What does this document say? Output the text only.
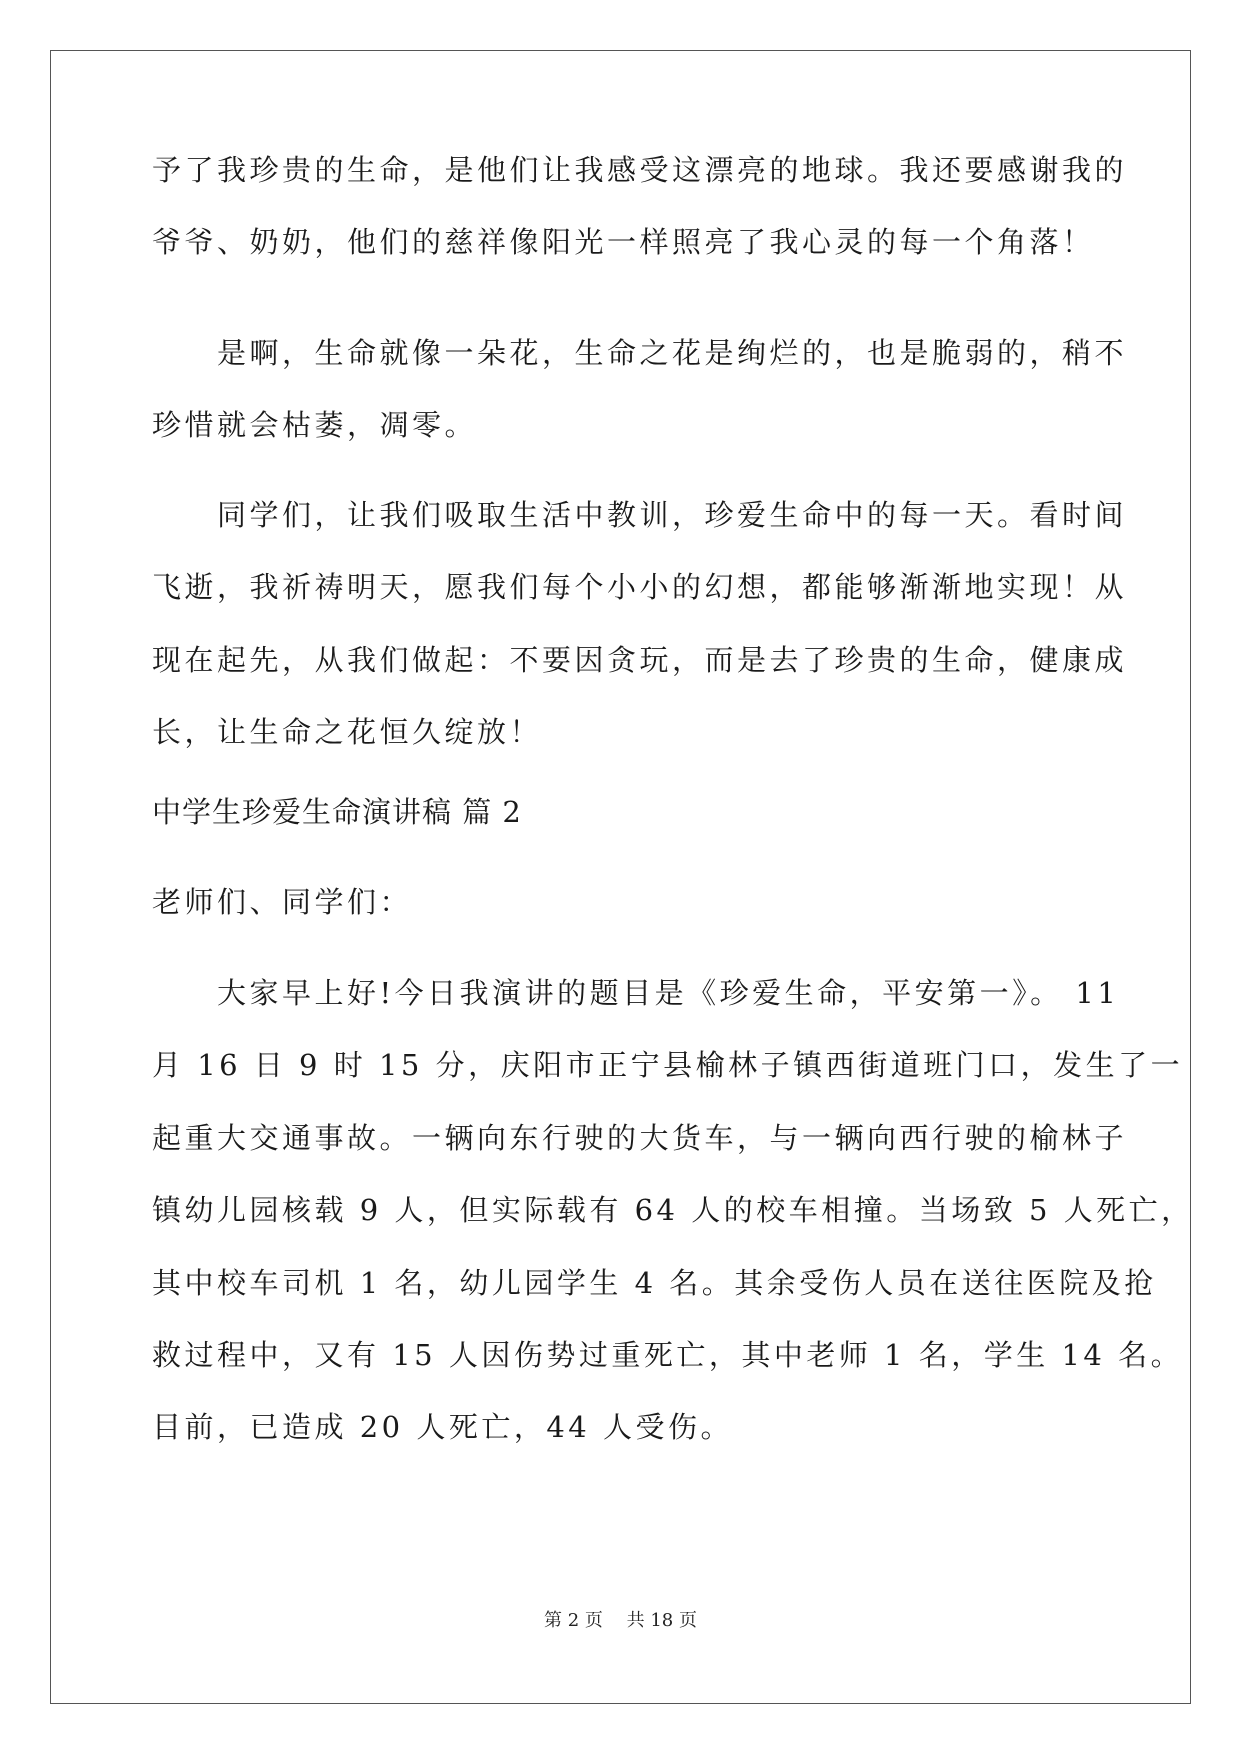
予了我珍贵的生命，是他们让我感受这漂亮的地球。我还要感谢我的
爷爷、奶奶，他们的慈祥像阳光一样照亮了我心灵的每一个角落！
　　是啊，生命就像一朵花，生命之花是绚烂的，也是脆弱的，稍不
珍惜就会枯萎，凋零。
　　同学们，让我们吸取生活中教训，珍爱生命中的每一天。看时间
飞逝，我祈祷明天，愿我们每个小小的幻想，都能够渐渐地实现！从
现在起先，从我们做起：不要因贪玩，而是去了珍贵的生命，健康成
长，让生命之花恒久绽放！
中学生珍爱生命演讲稿 篇 2
老师们、同学们：
　　大家早上好!今日我演讲的题目是《珍爱生命，平安第一》。 11
月 16 日 9 时 15 分，庆阳市正宁县榆林子镇西街道班门口，发生了一
起重大交通事故。一辆向东行驶的大货车，与一辆向西行驶的榆林子
镇幼儿园核载 9 人，但实际载有 64 人的校车相撞。当场致 5 人死亡，
其中校车司机 1 名，幼儿园学生 4 名。其余受伤人员在送往医院及抢
救过程中，又有 15 人因伤势过重死亡，其中老师 1 名，学生 14 名。
目前，已造成 20 人死亡，44 人受伤。
第 2 页　 共 18 页
